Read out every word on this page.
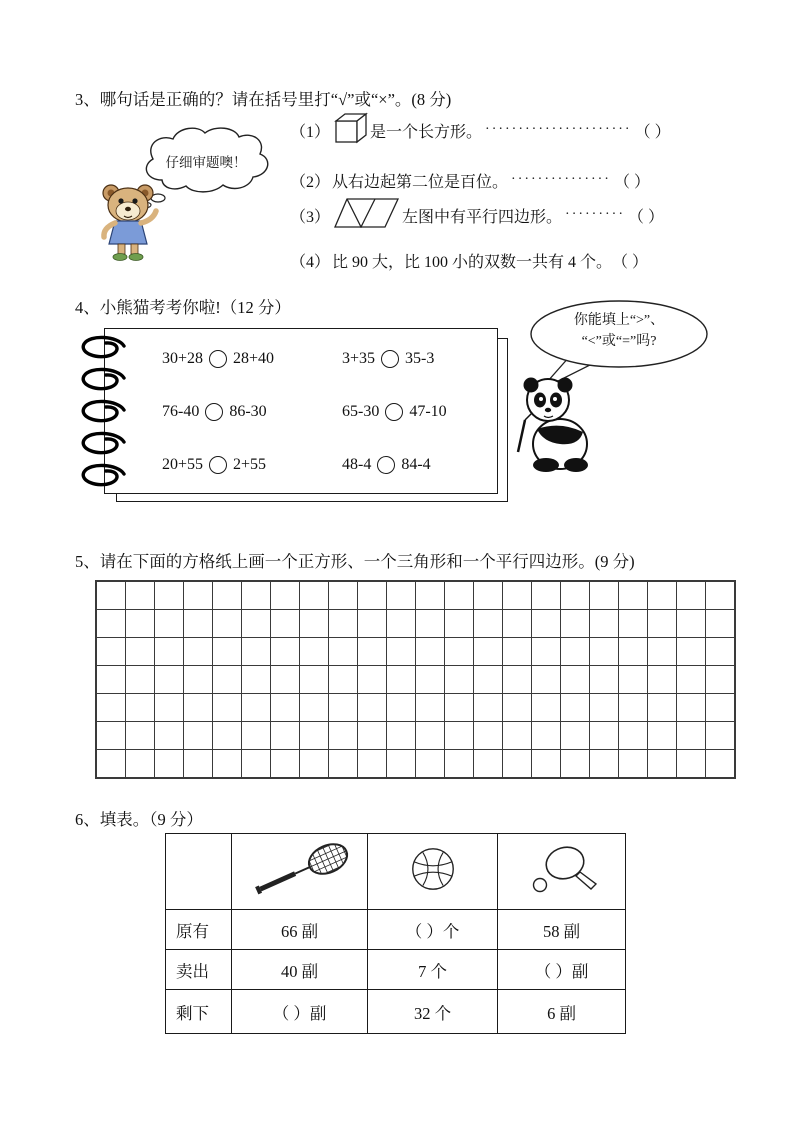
3、哪句话是正确的？请在括号里打“√”或“×”。(8 分)
仔细审题噢！
（1）	是一个长方形。 ······················ （ ）
（2） 从右边起第二位是百位。 ··············· （ ）
（3）	左图中有平行四边形。 ········· （ ）
（4） 比 90 大，比 100 小的双数一共有 4 个。 （ ）
4、小熊猫考考你啦!（12 分）
30+28 28+40	3+35 35-3
76-40 86-30	65-30 47-10
20+55 2+55	48-4 84-4
你能填上“>”、
“<”或“=”吗?
5、请在下面的方格纸上画一个正方形、一个三角形和一个平行四边形。(9 分)
6、填表。（9 分）

原有	66 副	（ ）个	58 副
卖出	40 副	7 个	（ ）副
剩下	（ ）副	32 个	6 副
